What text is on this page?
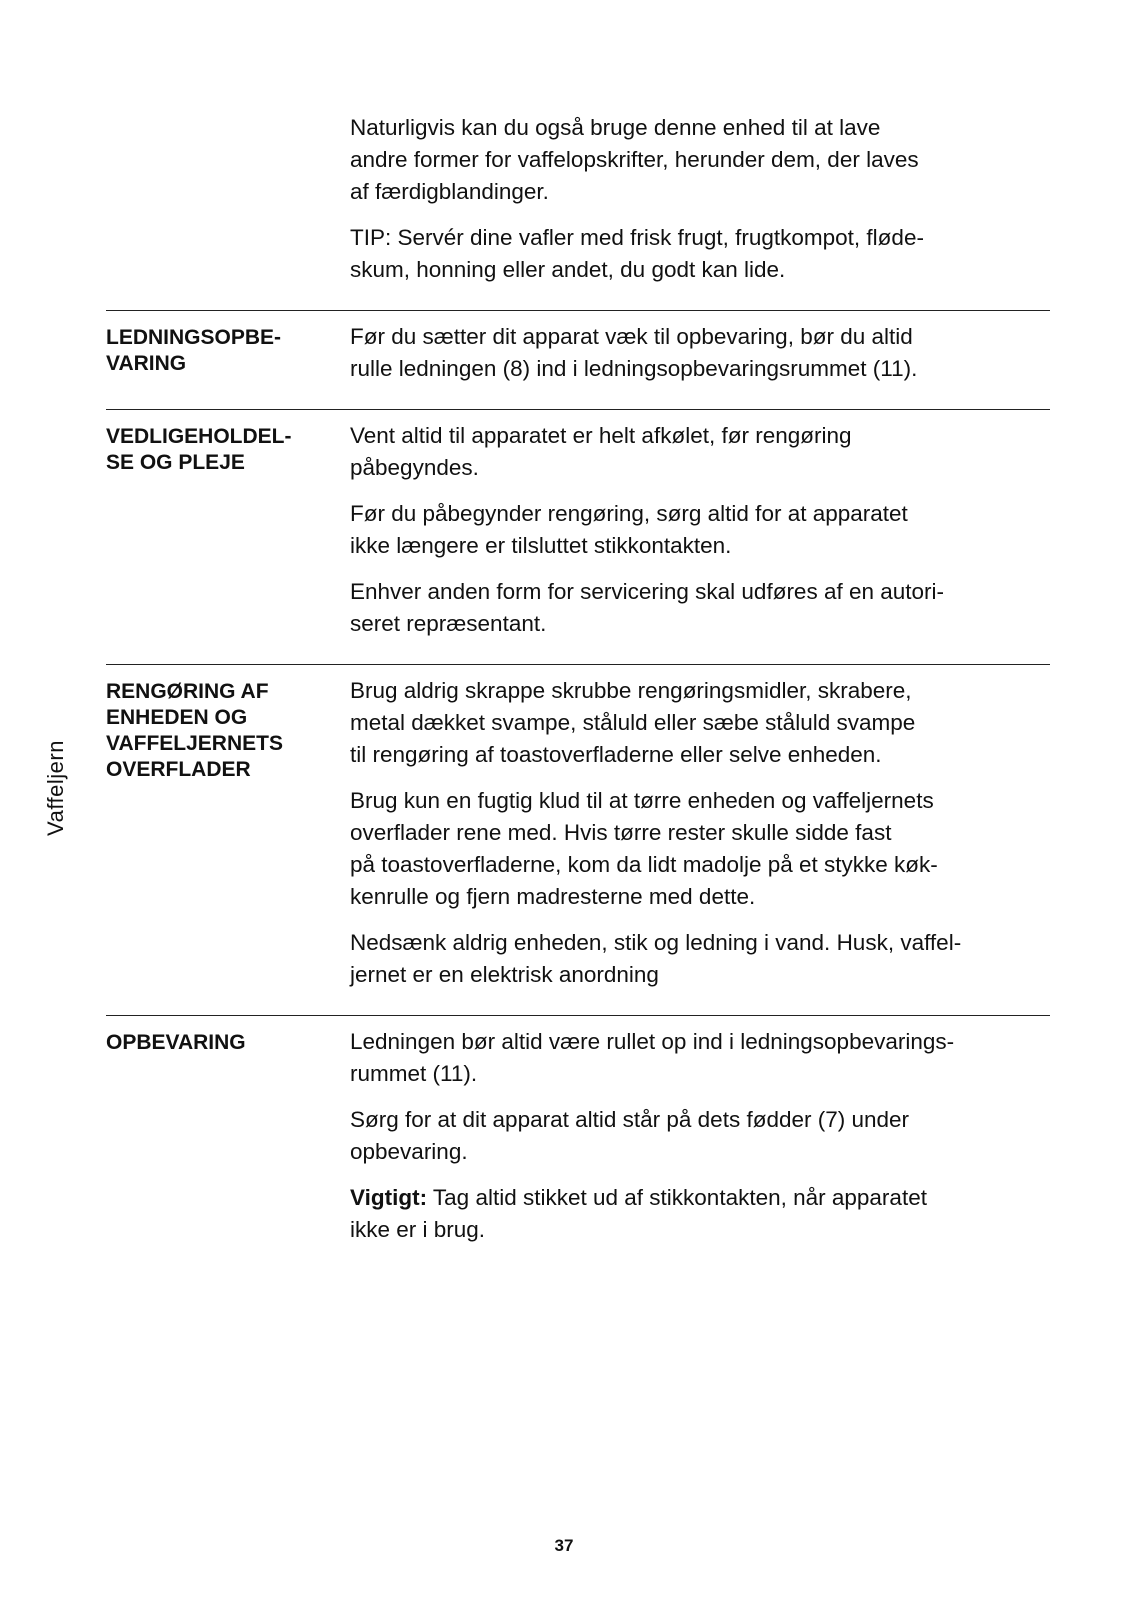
Vaffeljern

Naturligvis kan du også bruge denne enhed til at lave
andre former for vaffelopskrifter, herunder dem, der laves
af færdigblandinger.

TIP: Servér dine vafler med frisk frugt, frugtkompot, fløde-
skum, honning eller andet, du godt kan lide.

LEDNINGSOPBE-
VARING

Før du sætter dit apparat væk til opbevaring, bør du altid
rulle ledningen (8) ind i ledningsopbevaringsrummet (11).

VEDLIGEHOLDEL-
SE OG PLEJE

Vent altid til apparatet er helt afkølet, før rengøring
påbegyndes.

Før du påbegynder rengøring, sørg altid for at apparatet
ikke længere er tilsluttet stikkontakten.

Enhver anden form for servicering skal udføres af en autori-
seret repræsentant.

RENGØRING AF
ENHEDEN OG
VAFFELJERNETS
OVERFLADER

Brug aldrig skrappe skrubbe rengøringsmidler, skrabere,
metal dækket svampe, ståluld eller sæbe ståluld svampe
til rengøring af toastoverfladerne eller selve enheden.

Brug kun en fugtig klud til at tørre enheden og vaffeljernets
overflader rene med. Hvis tørre rester skulle sidde fast
på toastoverfladerne, kom da lidt madolje på et stykke køk-
kenrulle og fjern madresterne med dette.

Nedsænk aldrig enheden, stik og ledning i vand. Husk, vaffel-
jernet er en elektrisk anordning

OPBEVARING	Ledningen bør altid være rullet op ind i ledningsopbevarings-
rummet (11).

Sørg for at dit apparat altid står på dets fødder (7) under
opbevaring.

Vigtigt: Tag altid stikket ud af stikkontakten, når apparatet
ikke er i brug.

37
